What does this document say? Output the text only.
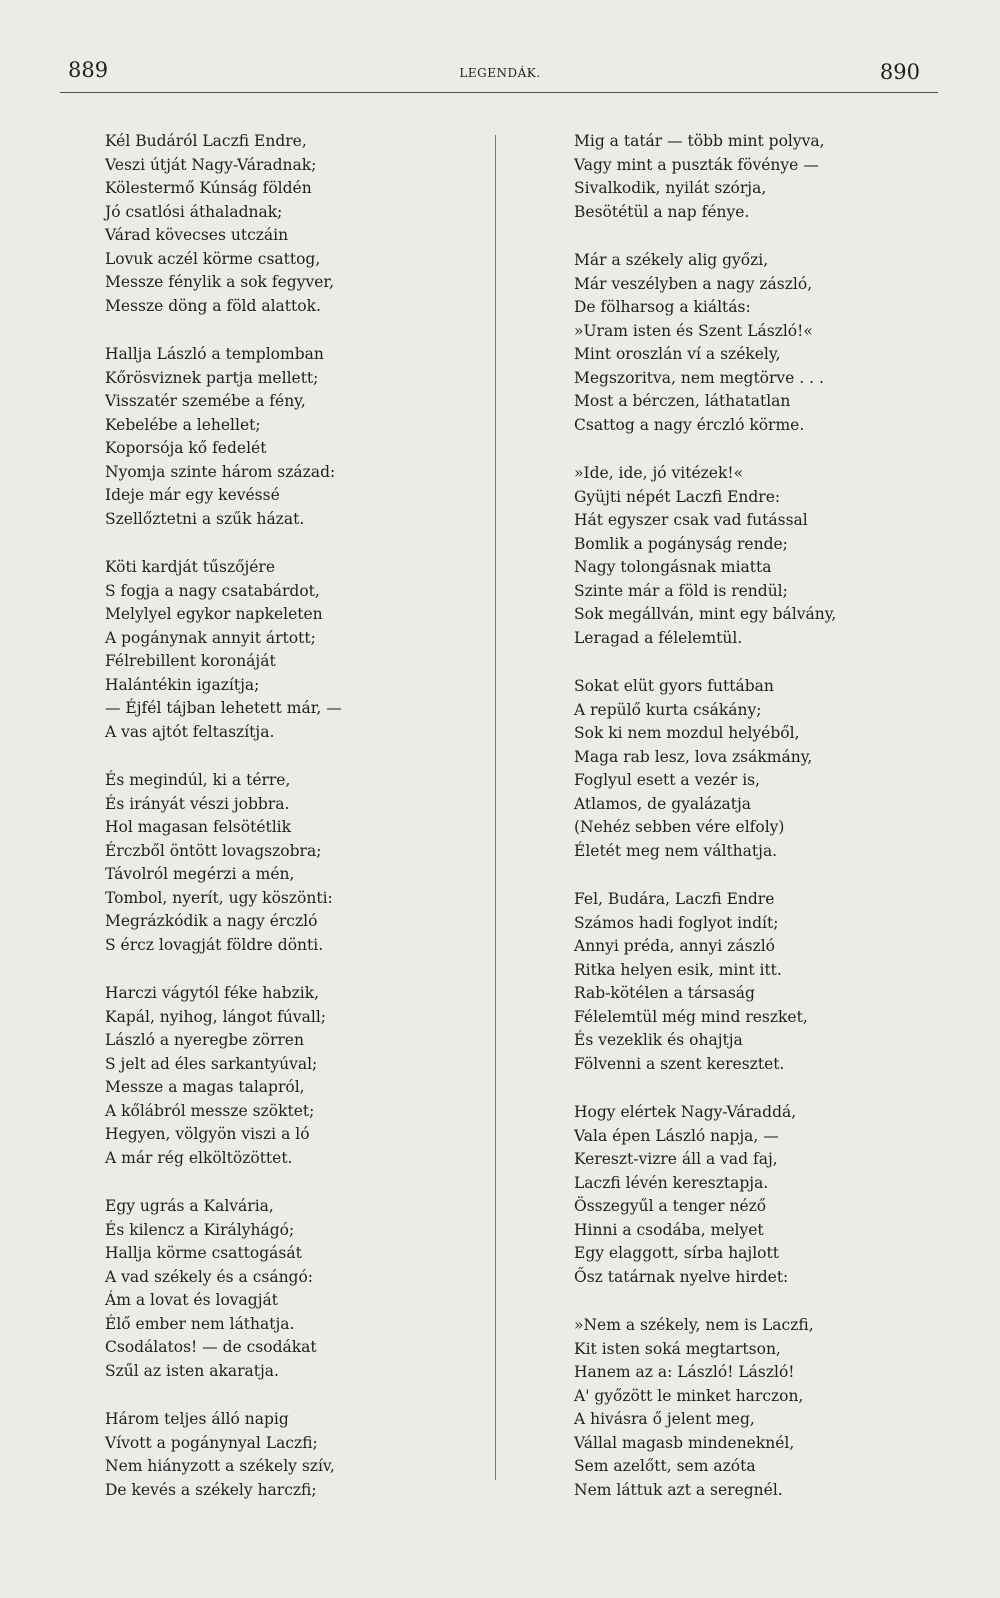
889	LEGENDÁK.	890
Kél Budáról Laczfi Endre,
Veszi útját Nagy-Váradnak;
Kölestermő Kúnság földén
Jó csatlósi áthaladnak;
Várad kövecses utczáin
Lovuk aczél körme csattog,
Messze fénylik a sok fegyver,
Messze döng a föld alattok.
Hallja László a templomban
Kőrösviznek partja mellett;
Visszatér szemébe a fény,
Kebelébe a lehellet;
Koporsója kő fedelét
Nyomja szinte három század:
Ideje már egy kevéssé
Szellőztetni a szűk házat.
Köti kardját tűszőjére
S fogja a nagy csatabárdot,
Melylyel egykor napkeleten
A pogánynak annyit ártott;
Félrebillent koronáját
Halántékin igazítja;
— Éjfél tájban lehetett már, —
A vas ajtót feltaszítja.
És megindúl, ki a térre,
És irányát vészi jobbra.
Hol magasan felsötétlik
Érczből öntött lovagszobra;
Távolról megérzi a mén,
Tombol, nyerít, ugy köszönti:
Megrázkódik a nagy érczló
S ércz lovagját földre dönti.
Harczi vágytól féke habzik,
Kapál, nyihog, lángot fúvall;
László a nyeregbe zörren
S jelt ad éles sarkantyúval;
Messze a magas talapról,
A kőlábról messze szöktet;
Hegyen, völgyön viszi a ló
A már rég elköltözöttet.
Egy ugrás a Kalvária,
És kilencz a Királyhágó;
Hallja körme csattogását
A vad székely és a csángó:
Ám a lovat és lovagját
Élő ember nem láthatja.
Csodálatos! — de csodákat
Szűl az isten akaratja.
Három teljes álló napig
Vívott a pogánynyal Laczfi;
Nem hiányzott a székely szív,
De kevés a székely harczfi;
Mig a tatár — több mint polyva,
Vagy mint a puszták fövénye —
Sivalkodik, nyilát szórja,
Besötétül a nap fénye.
Már a székely alig győzi,
Már veszélyben a nagy zászló,
De fölharsog a kiáltás:
»Uram isten és Szent László!«
Mint oroszlán ví a székely,
Megszoritva, nem megtörve . . .
Most a bérczen, láthatatlan
Csattog a nagy érczló körme.
»Ide, ide, jó vitézek!«
Gyüjti népét Laczfi Endre:
Hát egyszer csak vad futással
Bomlik a pogányság rende;
Nagy tolongásnak miatta
Szinte már a föld is rendül;
Sok megállván, mint egy bálvány,
Leragad a félelemtül.
Sokat elüt gyors futtában
A repülő kurta csákány;
Sok ki nem mozdul helyéből,
Maga rab lesz, lova zsákmány,
Foglyul esett a vezér is,
Atlamos, de gyalázatja
(Nehéz sebben vére elfoly)
Életét meg nem válthatja.
Fel, Budára, Laczfi Endre
Számos hadi foglyot indít;
Annyi préda, annyi zászló
Ritka helyen esik, mint itt.
Rab-kötélen a társaság
Félelemtül még mind reszket,
És vezeklik és ohajtja
Fölvenni a szent keresztet.
Hogy elértek Nagy-Váraddá,
Vala épen László napja, —
Kereszt-vizre áll a vad faj,
Laczfi lévén keresztapja.
Összegyűl a tenger néző
Hinni a csodába, melyet
Egy elaggott, sírba hajlott
Ősz tatárnak nyelve hirdet:
»Nem a székely, nem is Laczfi,
Kit isten soká megtartson,
Hanem az a: László! László!
A' győzött le minket harczon,
A hivásra ő jelent meg,
Vállal magasb mindeneknél,
Sem azelőtt, sem azóta
Nem láttuk azt a seregnél.
